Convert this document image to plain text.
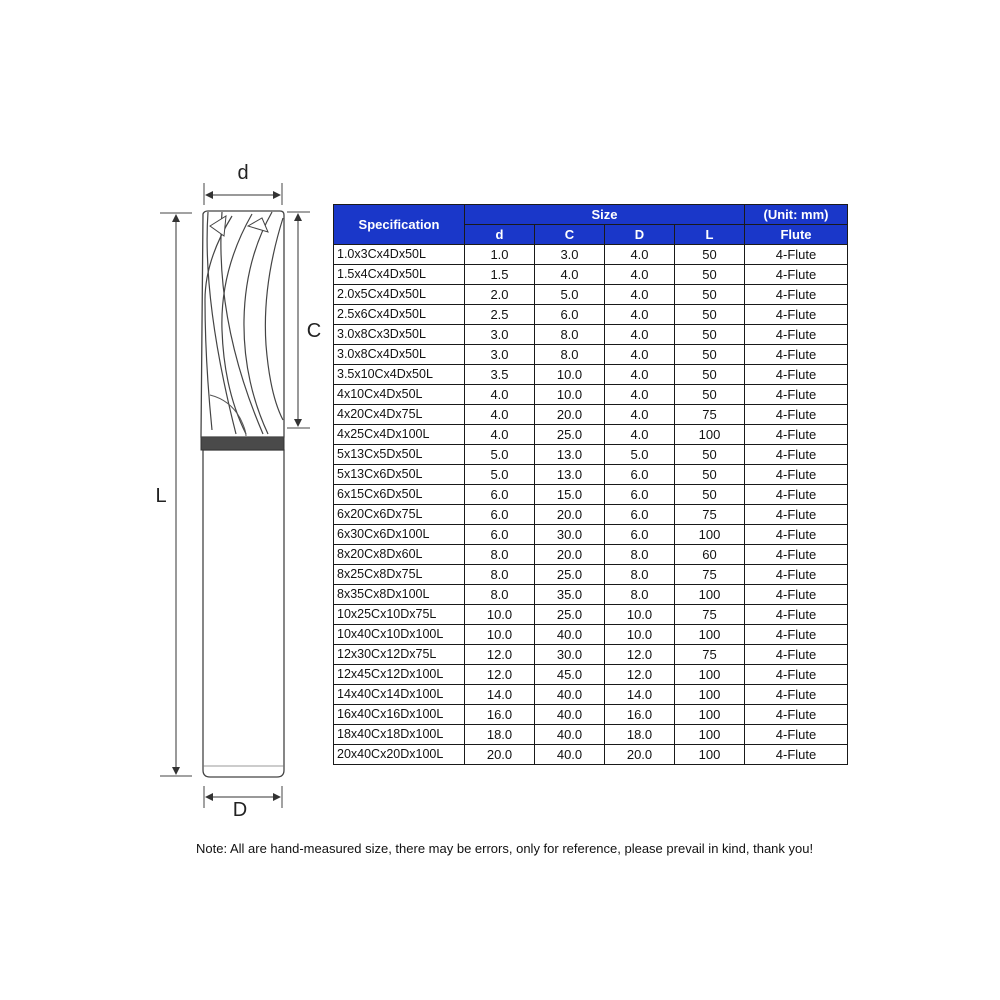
d
L
C
D
Specification	Size				(Unit: mm)
	d	C	D	L	Flute
1.0x3Cx4Dx50L	1.0	3.0	4.0	50	4-Flute
1.5x4Cx4Dx50L	1.5	4.0	4.0	50	4-Flute
2.0x5Cx4Dx50L	2.0	5.0	4.0	50	4-Flute
2.5x6Cx4Dx50L	2.5	6.0	4.0	50	4-Flute
3.0x8Cx3Dx50L	3.0	8.0	4.0	50	4-Flute
3.0x8Cx4Dx50L	3.0	8.0	4.0	50	4-Flute
3.5x10Cx4Dx50L	3.5	10.0	4.0	50	4-Flute
4x10Cx4Dx50L	4.0	10.0	4.0	50	4-Flute
4x20Cx4Dx75L	4.0	20.0	4.0	75	4-Flute
4x25Cx4Dx100L	4.0	25.0	4.0	100	4-Flute
5x13Cx5Dx50L	5.0	13.0	5.0	50	4-Flute
5x13Cx6Dx50L	5.0	13.0	6.0	50	4-Flute
6x15Cx6Dx50L	6.0	15.0	6.0	50	4-Flute
6x20Cx6Dx75L	6.0	20.0	6.0	75	4-Flute
6x30Cx6Dx100L	6.0	30.0	6.0	100	4-Flute
8x20Cx8Dx60L	8.0	20.0	8.0	60	4-Flute
8x25Cx8Dx75L	8.0	25.0	8.0	75	4-Flute
8x35Cx8Dx100L	8.0	35.0	8.0	100	4-Flute
10x25Cx10Dx75L	10.0	25.0	10.0	75	4-Flute
10x40Cx10Dx100L	10.0	40.0	10.0	100	4-Flute
12x30Cx12Dx75L	12.0	30.0	12.0	75	4-Flute
12x45Cx12Dx100L	12.0	45.0	12.0	100	4-Flute
14x40Cx14Dx100L	14.0	40.0	14.0	100	4-Flute
16x40Cx16Dx100L	16.0	40.0	16.0	100	4-Flute
18x40Cx18Dx100L	18.0	40.0	18.0	100	4-Flute
20x40Cx20Dx100L	20.0	40.0	20.0	100	4-Flute
Note: All are hand-measured size, there may be errors, only for reference, please prevail in kind, thank you!
